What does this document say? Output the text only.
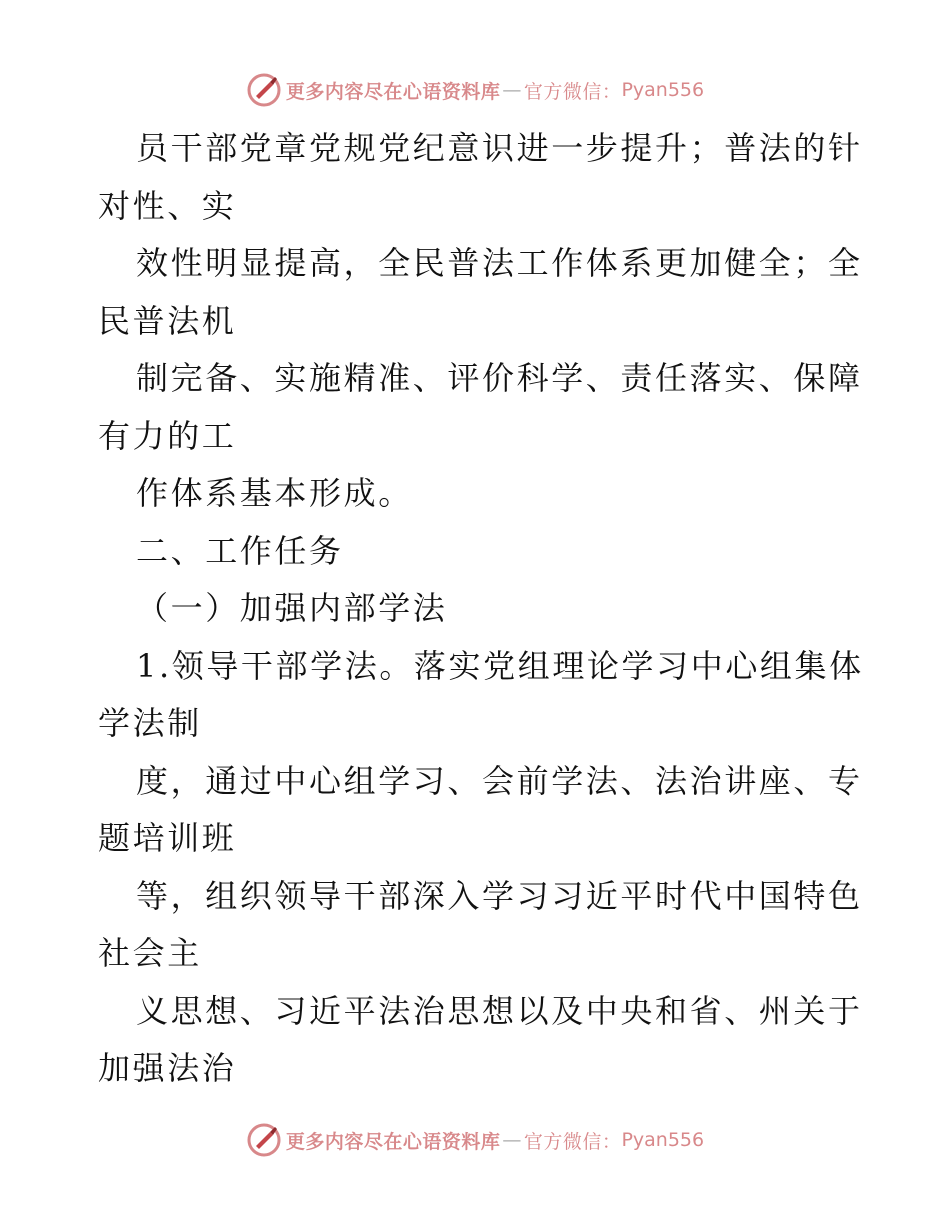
更多内容尽在心语资料库 — 官方微信： Pyan556
员干部党章党规党纪意识进一步提升；普法的针
对性、实
效性明显提高，全民普法工作体系更加健全；全
民普法机
制完备、实施精准、评价科学、责任落实、保障
有力的工
作体系基本形成。
二、工作任务
（一）加强内部学法
1.领导干部学法。落实党组理论学习中心组集体
学法制
度，通过中心组学习、会前学法、法治讲座、专
题培训班
等，组织领导干部深入学习习近平时代中国特色
社会主
义思想、习近平法治思想以及中央和省、州关于
加强法治
更多内容尽在心语资料库 — 官方微信： Pyan556
